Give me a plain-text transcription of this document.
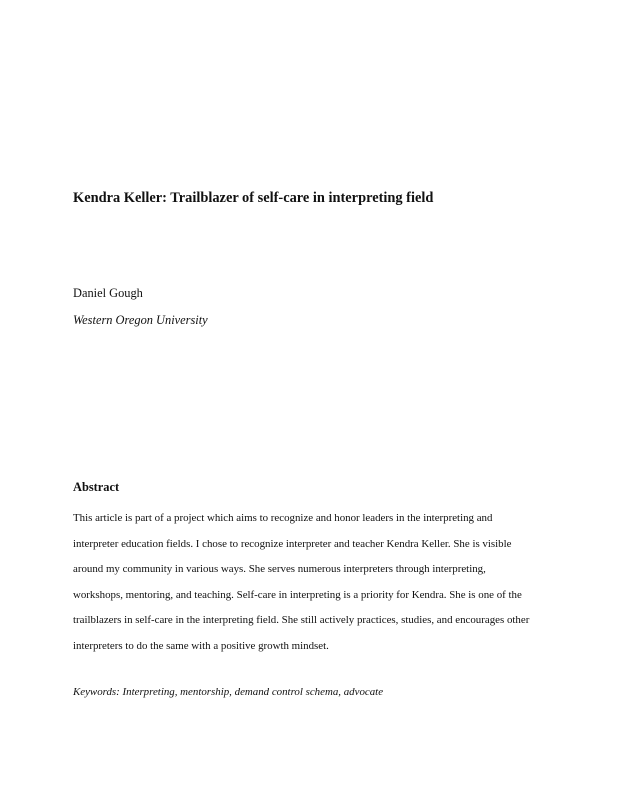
Kendra Keller: Trailblazer of self-care in interpreting field
Daniel Gough
Western Oregon University
Abstract
This article is part of a project which aims to recognize and honor leaders in the interpreting and
interpreter education fields. I chose to recognize interpreter and teacher Kendra Keller. She is visible
around my community in various ways. She serves numerous interpreters through interpreting,
workshops, mentoring, and teaching. Self-care in interpreting is a priority for Kendra. She is one of the
trailblazers in self-care in the interpreting field. She still actively practices, studies, and encourages other
interpreters to do the same with a positive growth mindset.
Keywords: Interpreting, mentorship, demand control schema, advocate
